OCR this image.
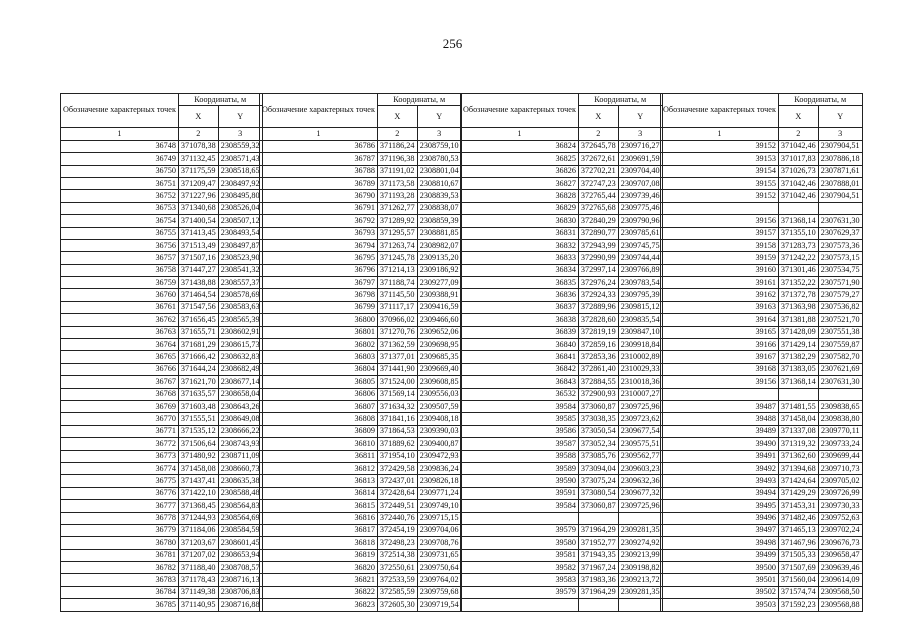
256
Обозначение характерных точек	Координаты, м	
	X	Y
1	2	3
36748	371078,38	2308559,32
36749	371132,45	2308571,43
36750	371175,59	2308518,65
36751	371209,47	2308497,92
36752	371227,96	2308495,80
36753	371340,68	2308526,04
36754	371400,54	2308507,12
36755	371413,45	2308493,54
36756	371513,49	2308497,87
36757	371507,16	2308523,90
36758	371447,27	2308541,32
36759	371438,88	2308557,37
36760	371464,54	2308578,69
36761	371547,56	2308583,63
36762	371656,45	2308565,39
36763	371655,71	2308602,91
36764	371681,29	2308615,73
36765	371666,42	2308632,83
36766	371644,24	2308682,49
36767	371621,70	2308677,14
36768	371635,57	2308658,04
36769	371603,48	2308643,26
36770	371555,51	2308649,08
36771	371535,12	2308666,22
36772	371506,64	2308743,93
36773	371480,92	2308711,09
36774	371458,08	2308660,73
36775	371437,41	2308635,38
36776	371422,10	2308588,48
36777	371368,45	2308564,83
36778	371244,93	2308564,69
36779	371184,06	2308584,59
36780	371203,67	2308601,45
36781	371207,02	2308653,94
36782	371188,40	2308708,57
36783	371178,43	2308716,13
36784	371149,38	2308706,83
36785	371140,95	2308716,88
Обозначение характерных точек	Координаты, м	
	X	Y
1	2	3
36786	371186,24	2308759,10
36787	371196,38	2308780,53
36788	371191,02	2308801,04
36789	371173,58	2308810,67
36790	371193,28	2308839,53
36791	371262,77	2308838,07
36792	371289,92	2308859,39
36793	371295,57	2308881,85
36794	371263,74	2308982,07
36795	371245,78	2309135,20
36796	371214,13	2309186,92
36797	371188,74	2309277,09
36798	371145,50	2309388,91
36799	371117,17	2309416,59
36800	370966,02	2309466,60
36801	371270,76	2309652,06
36802	371362,59	2309698,95
36803	371377,01	2309685,35
36804	371441,90	2309669,40
36805	371524,00	2309608,85
36806	371569,14	2309556,03
36807	371634,32	2309507,59
36808	371841,16	2309408,18
36809	371864,53	2309390,03
36810	371889,62	2309400,87
36811	371954,10	2309472,93
36812	372429,58	2309836,24
36813	372437,01	2309826,18
36814	372428,64	2309771,24
36815	372449,51	2309749,10
36816	372440,76	2309715,15
36817	372454,19	2309704,06
36818	372498,23	2309708,76
36819	372514,38	2309731,65
36820	372550,61	2309750,64
36821	372533,59	2309764,02
36822	372585,59	2309759,68
36823	372605,30	2309719,54
Обозначение характерных точек	Координаты, м	
	X	Y
1	2	3
36824	372645,78	2309716,27
36825	372672,61	2309691,59
36826	372702,21	2309704,40
36827	372747,23	2309707,08
36828	372765,44	2309739,46
36829	372765,68	2309775,46
36830	372840,29	2309790,96
36831	372890,77	2309785,61
36832	372943,99	2309745,75
36833	372990,99	2309744,44
36834	372997,14	2309766,89
36835	372976,24	2309783,54
36836	372924,33	2309795,39
36837	372889,96	2309815,12
36838	372828,60	2309835,54
36839	372819,19	2309847,10
36840	372859,16	2309918,84
36841	372853,36	2310002,89
36842	372861,40	2310029,33
36843	372884,55	2310018,36
36532	372900,93	2310007,27
39584	373060,87	2309725,96
39585	373038,35	2309723,62
39586	373050,54	2309677,54
39587	373052,34	2309575,51
39588	373085,76	2309562,77
39589	373094,04	2309603,23
39590	373075,24	2309632,36
39591	373080,54	2309677,32
39584	373060,87	2309725,96

39579	371964,29	2309281,35
39580	371952,77	2309274,92
39581	371943,35	2309213,99
39582	371967,24	2309198,82
39583	371983,36	2309213,72
39579	371964,29	2309281,35

Обозначение характерных точек	Координаты, м	
	X	Y
1	2	3
39152	371042,46	2307904,51
39153	371017,83	2307886,18
39154	371026,73	2307871,61
39155	371042,46	2307888,01
39152	371042,46	2307904,51

39156	371368,14	2307631,30
39157	371355,10	2307629,37
39158	371283,73	2307573,36
39159	371242,22	2307573,15
39160	371301,46	2307534,75
39161	371352,22	2307571,90
39162	371372,78	2307579,27
39163	371363,98	2307536,82
39164	371381,88	2307521,70
39165	371428,09	2307551,38
39166	371429,14	2307559,87
39167	371382,29	2307582,70
39168	371383,05	2307621,69
39156	371368,14	2307631,30

39487	371481,55	2309838,65
39488	371458,04	2309838,80
39489	371337,08	2309770,11
39490	371319,32	2309733,24
39491	371362,60	2309699,44
39492	371394,68	2309710,73
39493	371424,64	2309705,02
39494	371429,29	2309726,99
39495	371453,31	2309730,33
39496	371482,46	2309752,63
39497	371465,13	2309702,24
39498	371467,96	2309676,73
39499	371505,33	2309658,47
39500	371507,69	2309639,46
39501	371560,04	2309614,09
39502	371574,74	2309568,50
39503	371592,23	2309568,88
